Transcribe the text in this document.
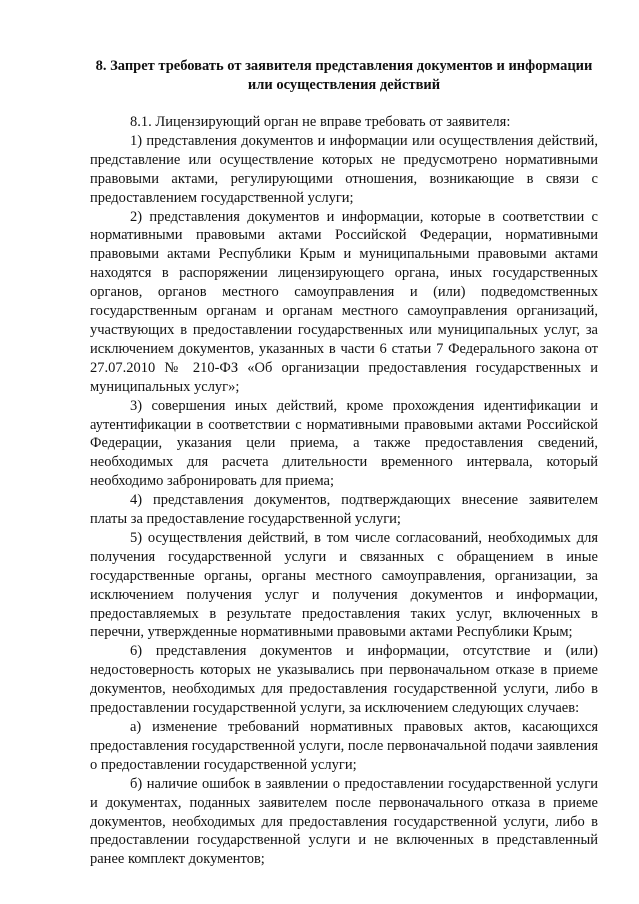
8. Запрет требовать от заявителя представления документов и информации или осуществления действий

8.1. Лицензирующий орган не вправе требовать от заявителя:

1) представления документов и информации или осуществления действий, представление или осуществление которых не предусмотрено нормативными правовыми актами, регулирующими отношения, возникающие в связи с предоставлением государственной услуги;

2) представления документов и информации, которые в соответствии с нормативными правовыми актами Российской Федерации, нормативными правовыми актами Республики Крым и муниципальными правовыми актами находятся в распоряжении лицензирующего органа, иных государственных органов, органов местного самоуправления и (или) подведомственных государственным органам и органам местного самоуправления организаций, участвующих в предоставлении государственных или муниципальных услуг, за исключением документов, указанных в части 6 статьи 7 Федерального закона от 27.07.2010 № 210-ФЗ «Об организации предоставления государственных и муниципальных услуг»;

3) совершения иных действий, кроме прохождения идентификации и аутентификации в соответствии с нормативными правовыми актами Российской Федерации, указания цели приема, а также предоставления сведений, необходимых для расчета длительности временного интервала, который необходимо забронировать для приема;

4) представления документов, подтверждающих внесение заявителем платы за предоставление государственной услуги;

5) осуществления действий, в том числе согласований, необходимых для получения государственной услуги и связанных с обращением в иные государственные органы, органы местного самоуправления, организации, за исключением получения услуг и получения документов и информации, предоставляемых в результате предоставления таких услуг, включенных в перечни, утвержденные нормативными правовыми актами Республики Крым;

6) представления документов и информации, отсутствие и (или) недостоверность которых не указывались при первоначальном отказе в приеме документов, необходимых для предоставления государственной услуги, либо в предоставлении государственной услуги, за исключением следующих случаев:

а) изменение требований нормативных правовых актов, касающихся предоставления государственной услуги, после первоначальной подачи заявления о предоставлении государственной услуги;

б) наличие ошибок в заявлении о предоставлении государственной услуги и документах, поданных заявителем после первоначального отказа в приеме документов, необходимых для предоставления государственной услуги, либо в предоставлении государственной услуги и не включенных в представленный ранее комплект документов;
